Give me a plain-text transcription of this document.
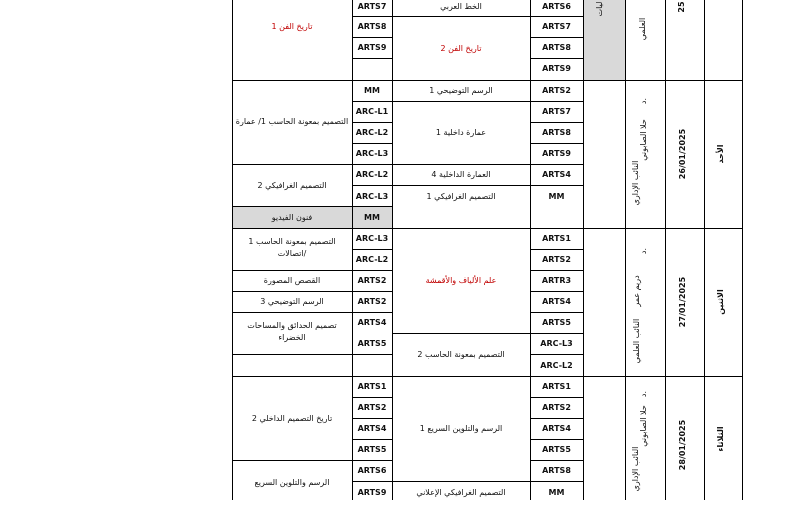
ARTS6
ARTS7
ARTS8
ARTS9
الخط العربي
تاريخ الفن 2
ARTS7
ARTS8
ARTS9
تاريخ الفن 1
ARTS2
ARTS7
ARTS8
ARTS9
ARTS4
MM
الرسم التوضيحي 1
عمارة داخلية 1
العمارة الداخلية 4
التصميم الغرافيكي 1
MM
ARC-L1
ARC-L2
ARC-L3
ARC-L2
ARC-L3
MM
التصميم بمعونة الحاسب 1/ عمارة
التصميم الغرافيكي 2
فنون الفيديو
ARTS1
ARTS2
ARTR3
ARTS4
ARTS5
ARC-L3
ARC-L2
علم الألياف والأقمشة
التصميم بمعونة الحاسب 2
ARC-L3
ARC-L2
ARTS2
ARTS2
ARTS4
ARTS5
التصميم بمعونة الحاسب 1
اتصالات/
القصص المصورة
الرسم التوضيحي 3
تصميم الحدائق والمساحات
الخضراء
ARTS1
ARTS2
ARTS4
ARTS5
ARTS8
MM
الرسم والتلوين السريع 1
التصميم الغرافيكي الإعلاني
ARTS1
ARTS2
ARTS4
ARTS5
ARTS6
ARTS9
تاريخ التصميم الداخلي 2
الرسم والتلوين السريع
25
العلمي
ليات
الأحد
26/01/2025
د.
حلا الصابوني
النائب الإداري
الاثنين
27/01/2025
د.
دريم عمر
النائب العلمي
الثلاثاء
28/01/2025
د.
حلا الصابوني
النائب الإداري
